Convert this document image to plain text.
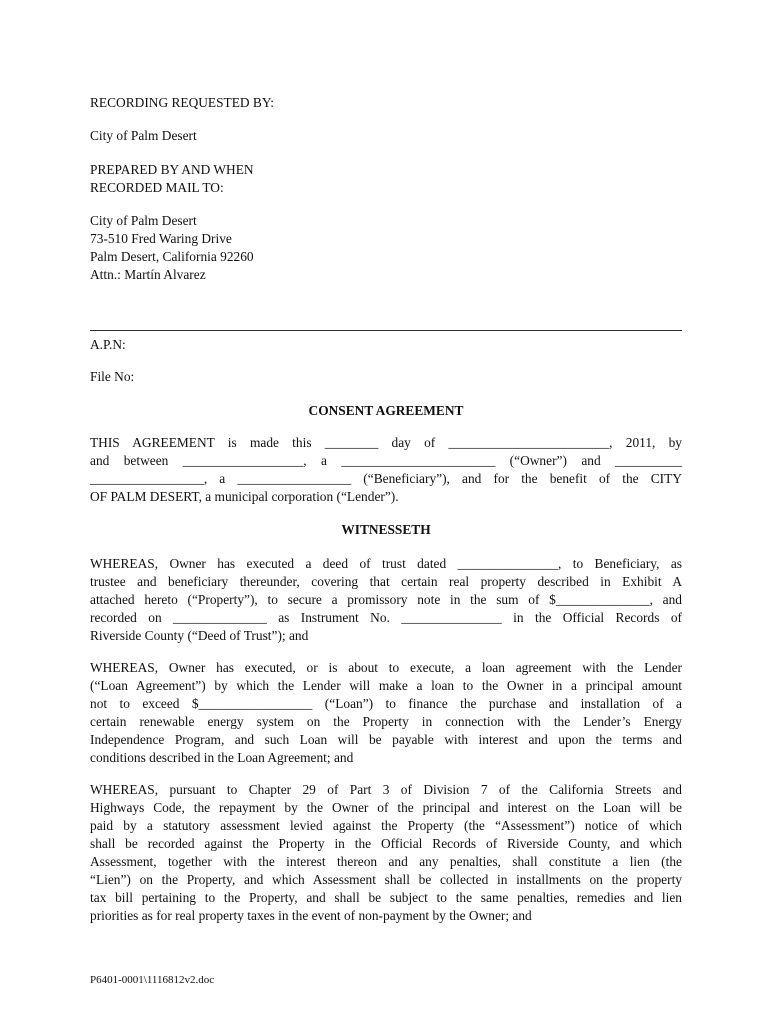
RECORDING REQUESTED BY:

City of Palm Desert

PREPARED BY AND WHEN
RECORDED MAIL TO:
City of Palm Desert
73-510 Fred Waring Drive
Palm Desert, California 92260
Attn.: Martín Alvarez

A.P.N:

File No:

CONSENT AGREEMENT

THIS AGREEMENT is made this ________ day of ________________________, 2011, by
and between __________________, a _______________________ (“Owner”) and __________
_________________, a _________________ (“Beneficiary”), and for the benefit of the CITY
OF PALM DESERT, a municipal corporation (“Lender”).

WITNESSETH

WHEREAS, Owner has executed a deed of trust dated _______________, to Beneficiary, as
trustee and beneficiary thereunder, covering that certain real property described in Exhibit A
attached hereto (“Property”), to secure a promissory note in the sum of $______________, and
recorded on ______________ as Instrument No. _______________ in the Official Records of
Riverside County (“Deed of Trust”); and
WHEREAS, Owner has executed, or is about to execute, a loan agreement with the Lender
(“Loan Agreement”) by which the Lender will make a loan to the Owner in a principal amount
not to exceed $_________________ (“Loan”) to finance the purchase and installation of a
certain renewable energy system on the Property in connection with the Lender’s Energy
Independence Program, and such Loan will be payable with interest and upon the terms and
conditions described in the Loan Agreement; and
WHEREAS, pursuant to Chapter 29 of Part 3 of Division 7 of the California Streets and
Highways Code, the repayment by the Owner of the principal and interest on the Loan will be
paid by a statutory assessment levied against the Property (the “Assessment”) notice of which
shall be recorded against the Property in the Official Records of Riverside County, and which
Assessment, together with the interest thereon and any penalties, shall constitute a lien (the
“Lien”) on the Property, and which Assessment shall be collected in installments on the property
tax bill pertaining to the Property, and shall be subject to the same penalties, remedies and lien
priorities as for real property taxes in the event of non-payment by the Owner; and

P6401-0001\1116812v2.doc
